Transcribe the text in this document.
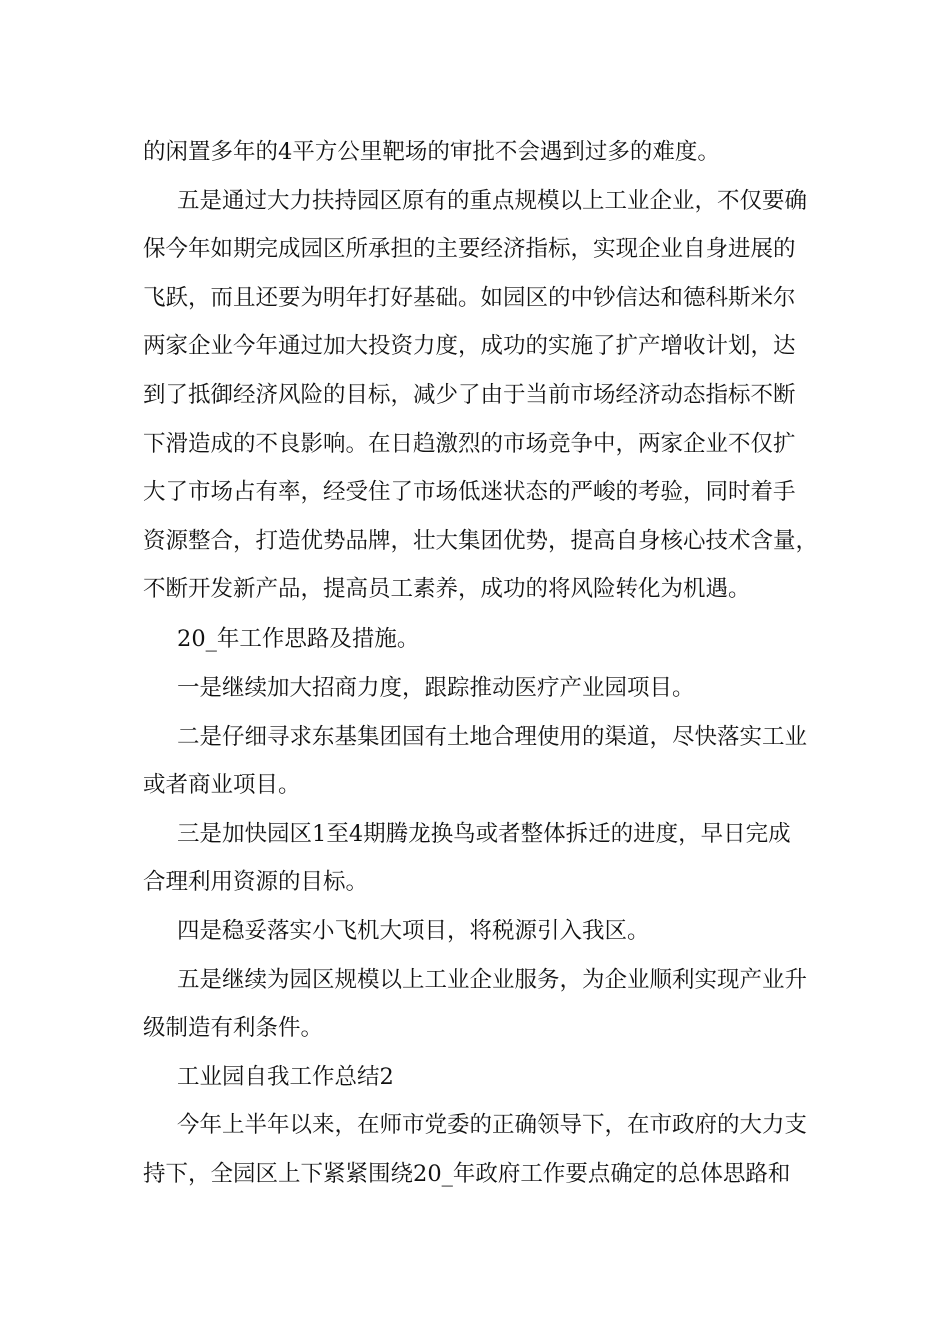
的闲置多年的4平方公里靶场的审批不会遇到过多的难度。
五是通过大力扶持园区原有的重点规模以上工业企业，不仅要确
保今年如期完成园区所承担的主要经济指标，实现企业自身进展的
飞跃，而且还要为明年打好基础。如园区的中钞信达和德科斯米尔
两家企业今年通过加大投资力度，成功的实施了扩产增收计划，达
到了抵御经济风险的目标，减少了由于当前市场经济动态指标不断
下滑造成的不良影响。在日趋激烈的市场竞争中，两家企业不仅扩
大了市场占有率，经受住了市场低迷状态的严峻的考验，同时着手
资源整合，打造优势品牌，壮大集团优势，提高自身核心技术含量，
不断开发新产品，提高员工素养，成功的将风险转化为机遇。
20_年工作思路及措施。
一是继续加大招商力度，跟踪推动医疗产业园项目。
二是仔细寻求东基集团国有土地合理使用的渠道，尽快落实工业
或者商业项目。
三是加快园区1至4期腾龙换鸟或者整体拆迁的进度，早日完成
合理利用资源的目标。
四是稳妥落实小飞机大项目，将税源引入我区。
五是继续为园区规模以上工业企业服务，为企业顺利实现产业升
级制造有利条件。
工业园自我工作总结2
今年上半年以来，在师市党委的正确领导下，在市政府的大力支
持下，全园区上下紧紧围绕20_年政府工作要点确定的总体思路和
